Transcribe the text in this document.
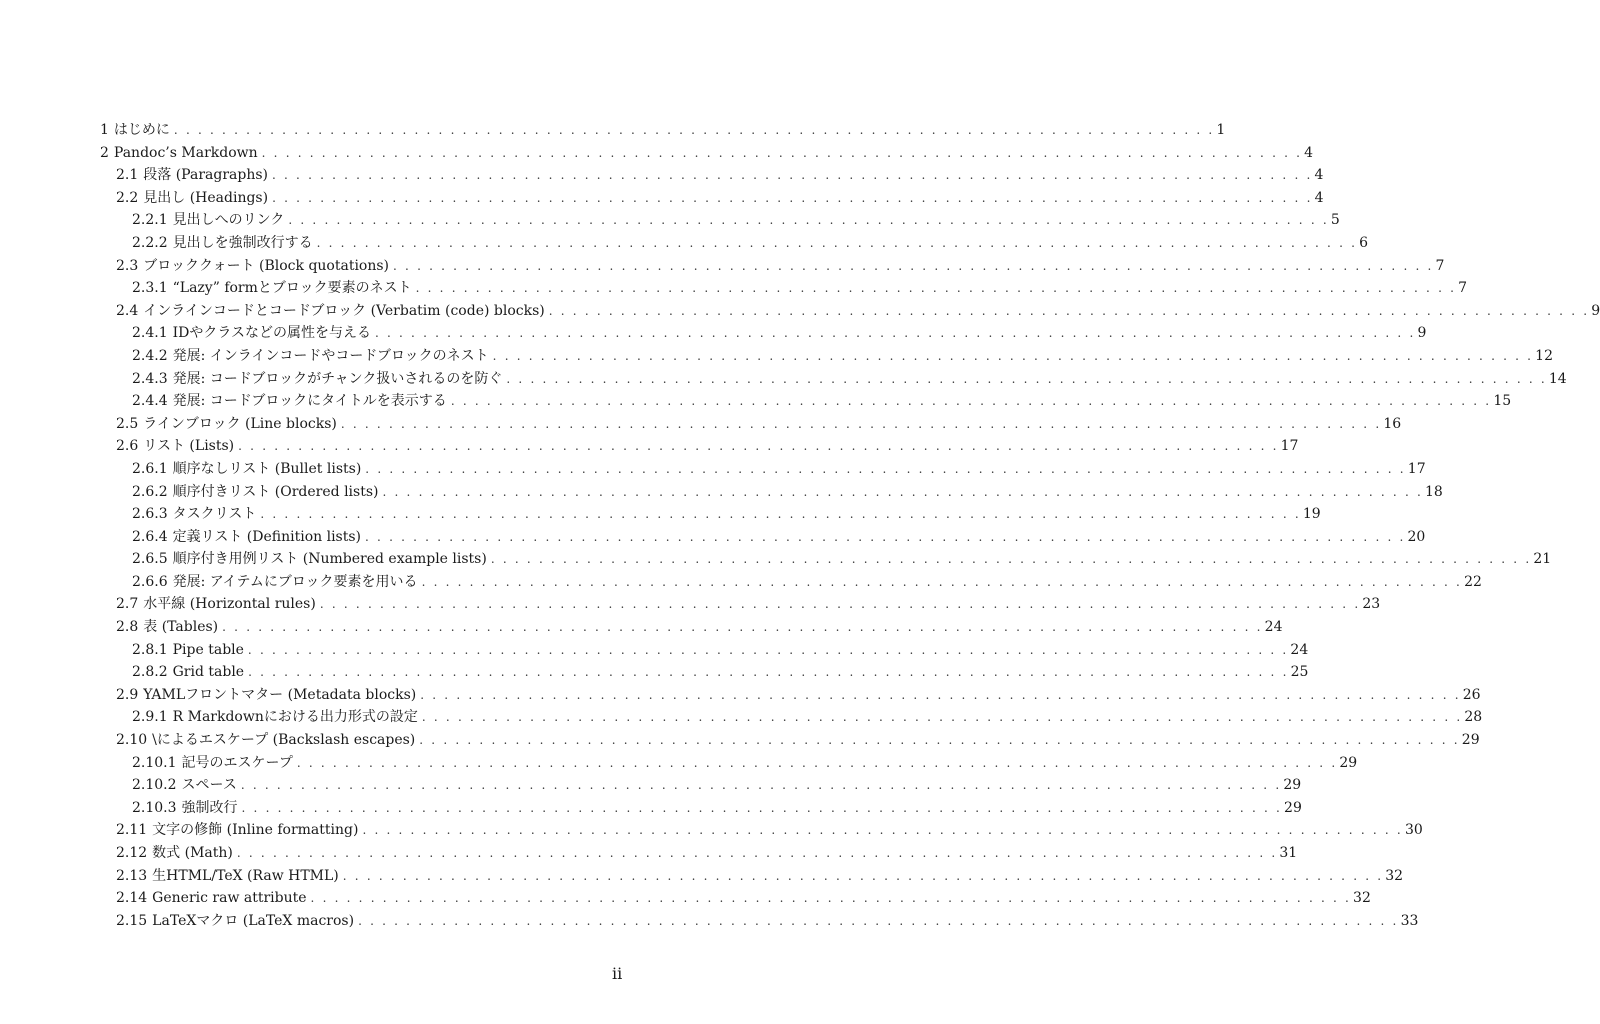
1 はじめに . . .	1
2 Pandoc’s Markdown . . .	4
2.1 段落 (Paragraphs) . . .	4
2.2 見出し (Headings) . . .	4
2.2.1 見出しへのリンク . . .	5
2.2.2 見出しを強制改行する . . .	6
2.3 ブロッククォート (Block quotations) . . .	7
2.3.1 “Lazy” formとブロック要素のネスト . . .	7
2.4 インラインコードとコードブロック (Verbatim (code) blocks) . . .	9
2.4.1 IDやクラスなどの属性を与える . . .	9
2.4.2 発展: インラインコードやコードブロックのネスト . . .	12
2.4.3 発展: コードブロックがチャンク扱いされるのを防ぐ . . .	14
2.4.4 発展: コードブロックにタイトルを表示する . . .	15
2.5 ラインブロック (Line blocks) . . .	16
2.6 リスト (Lists) . . .	17
2.6.1 順序なしリスト (Bullet lists) . . .	17
2.6.2 順序付きリスト (Ordered lists) . . .	18
2.6.3 タスクリスト . . .	19
2.6.4 定義リスト (Definition lists) . . .	20
2.6.5 順序付き用例リスト (Numbered example lists) . . .	21
2.6.6 発展: アイテムにブロック要素を用いる . . .	22
2.7 水平線 (Horizontal rules) . . .	23
2.8 表 (Tables) . . .	24
2.8.1 Pipe table . . .	24
2.8.2 Grid table . . .	25
2.9 YAMLフロントマター (Metadata blocks) . . .	26
2.9.1 R Markdownにおける出力形式の設定 . . .	28
2.10 \によるエスケープ (Backslash escapes) . . .	29
2.10.1 記号のエスケープ . . .	29
2.10.2 スペース . . .	29
2.10.3 強制改行 . . .	29
2.11 文字の修飾 (Inline formatting) . . .	30
2.12 数式 (Math) . . .	31
2.13 生HTML/TeX (Raw HTML) . . .	32
2.14 Generic raw attribute . . .	32
2.15 LaTeXマクロ (LaTeX macros) . . .	33
ii
